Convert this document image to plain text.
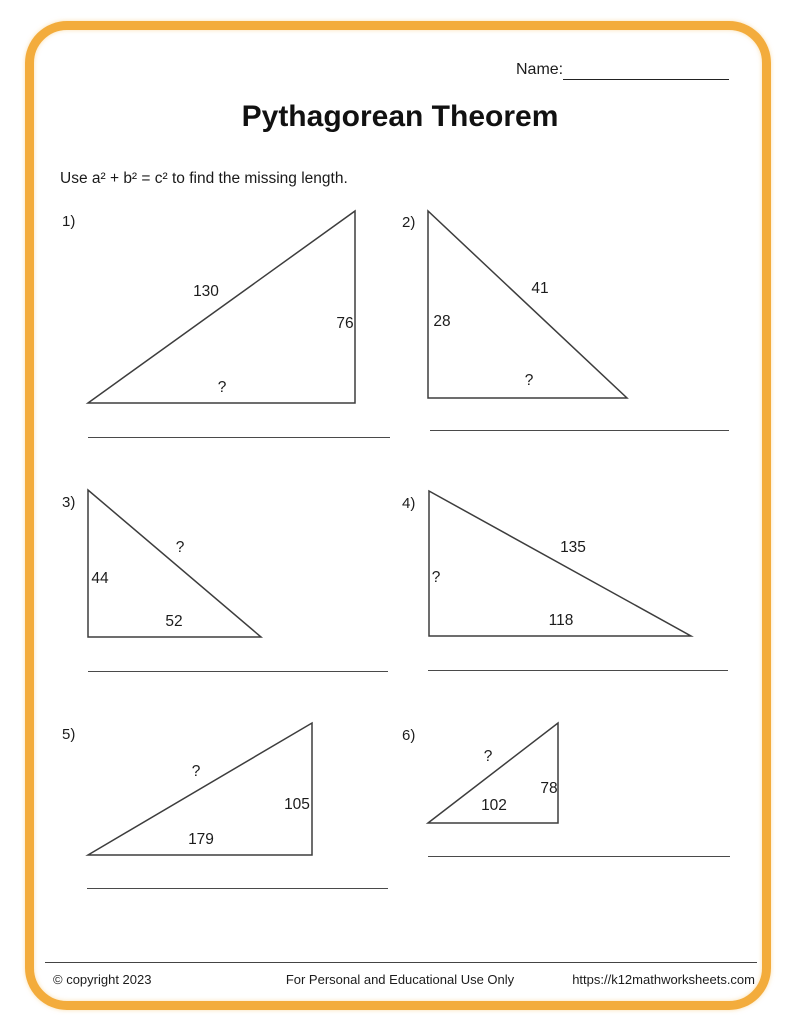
Name:
Pythagorean Theorem
Use a² + b² = c² to find the missing length.
1)
130
76
?
2)
41
28
?
3)
?
44
52
4)
135
?
118
5)
?
105
179
6)
?
78
102
© copyright 2023	For Personal and Educational Use Only	https://k12mathworksheets.com
